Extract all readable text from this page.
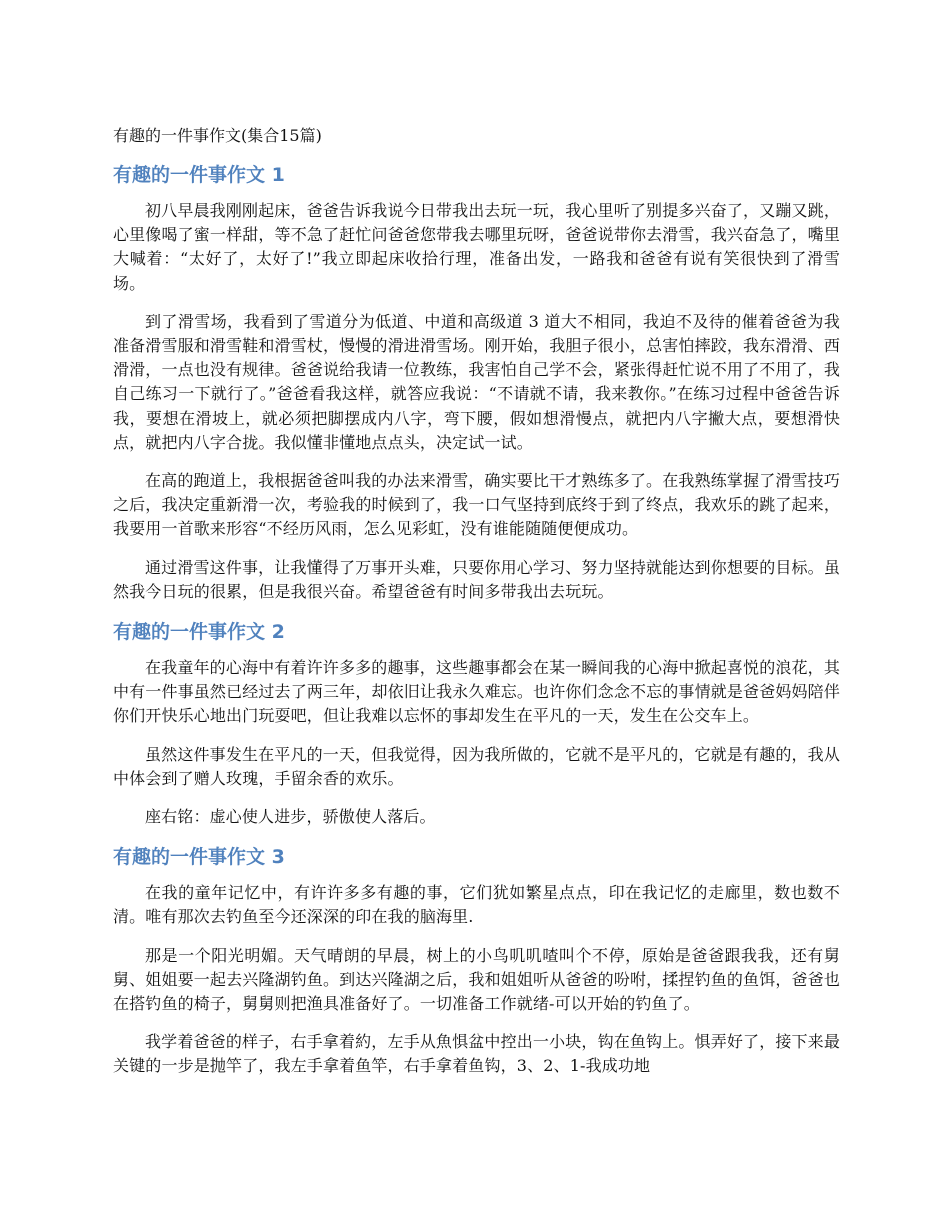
有趣的一件事作文(集合15篇)
有趣的一件事作文 1

初八早晨我刚刚起床，爸爸告诉我说今日带我出去玩一玩，我心里听了别提多兴奋了，又蹦又跳，心里像喝了蜜一样甜，等不急了赶忙问爸爸您带我去哪里玩呀，爸爸说带你去滑雪，我兴奋急了，嘴里大喊着：“太好了，太好了!”我立即起床收拾行理，准备出发，一路我和爸爸有说有笑很快到了滑雪场。

到了滑雪场，我看到了雪道分为低道、中道和高级道 3 道大不相同，我迫不及待的催着爸爸为我准备滑雪服和滑雪鞋和滑雪杖，慢慢的滑进滑雪场。刚开始，我胆子很小，总害怕摔跤，我东滑滑、西滑滑，一点也没有规律。爸爸说给我请一位教练，我害怕自己学不会，紧张得赶忙说不用了不用了，我自己练习一下就行了。”爸爸看我这样，就答应我说：“不请就不请，我来教你。”在练习过程中爸爸告诉我，要想在滑坡上，就必须把脚摆成内八字，弯下腰，假如想滑慢点，就把内八字撇大点，要想滑快点，就把内八字合拢。我似懂非懂地点点头，决定试一试。

在高的跑道上，我根据爸爸叫我的办法来滑雪，确实要比干才熟练多了。在我熟练掌握了滑雪技巧之后，我决定重新滑一次，考验我的时候到了，我一口气坚持到底终于到了终点，我欢乐的跳了起来，我要用一首歌来形容“不经历风雨，怎么见彩虹，没有谁能随随便便成功。

通过滑雪这件事，让我懂得了万事开头难，只要你用心学习、努力坚持就能达到你想要的目标。虽然我今日玩的很累，但是我很兴奋。希望爸爸有时间多带我出去玩玩。

有趣的一件事作文 2

在我童年的心海中有着许许多多的趣事，这些趣事都会在某一瞬间我的心海中掀起喜悦的浪花，其中有一件事虽然已经过去了两三年，却依旧让我永久难忘。也许你们念念不忘的事情就是爸爸妈妈陪伴你们开快乐心地出门玩耍吧，但让我难以忘怀的事却发生在平凡的一天，发生在公交车上。

虽然这件事发生在平凡的一天，但我觉得，因为我所做的，它就不是平凡的，它就是有趣的，我从中体会到了赠人玫瑰，手留余香的欢乐。

座右铭：虚心使人进步，骄傲使人落后。

有趣的一件事作文 3

在我的童年记忆中，有许许多多有趣的事，它们犹如繁星点点，印在我记忆的走廊里，数也数不清。唯有那次去钓鱼至今还深深的印在我的脑海里.

那是一个阳光明媚。天气晴朗的早晨，树上的小鸟叽叽喳叫个不停，原始是爸爸跟我我，还有舅舅、姐姐要一起去兴隆湖钓鱼。到达兴隆湖之后，我和姐姐听从爸爸的吩咐，揉捏钓鱼的鱼饵，爸爸也在搭钓鱼的椅子，舅舅则把渔具准备好了。一切准备工作就绪-可以开始的钓鱼了。

我学着爸爸的样子，右手拿着約，左手从魚惧盆中控出一小块，钩在鱼钩上。惧弄好了，接下来最关键的一步是抛竿了，我左手拿着鱼竿，右手拿着鱼钩，3、2、1-我成功地
